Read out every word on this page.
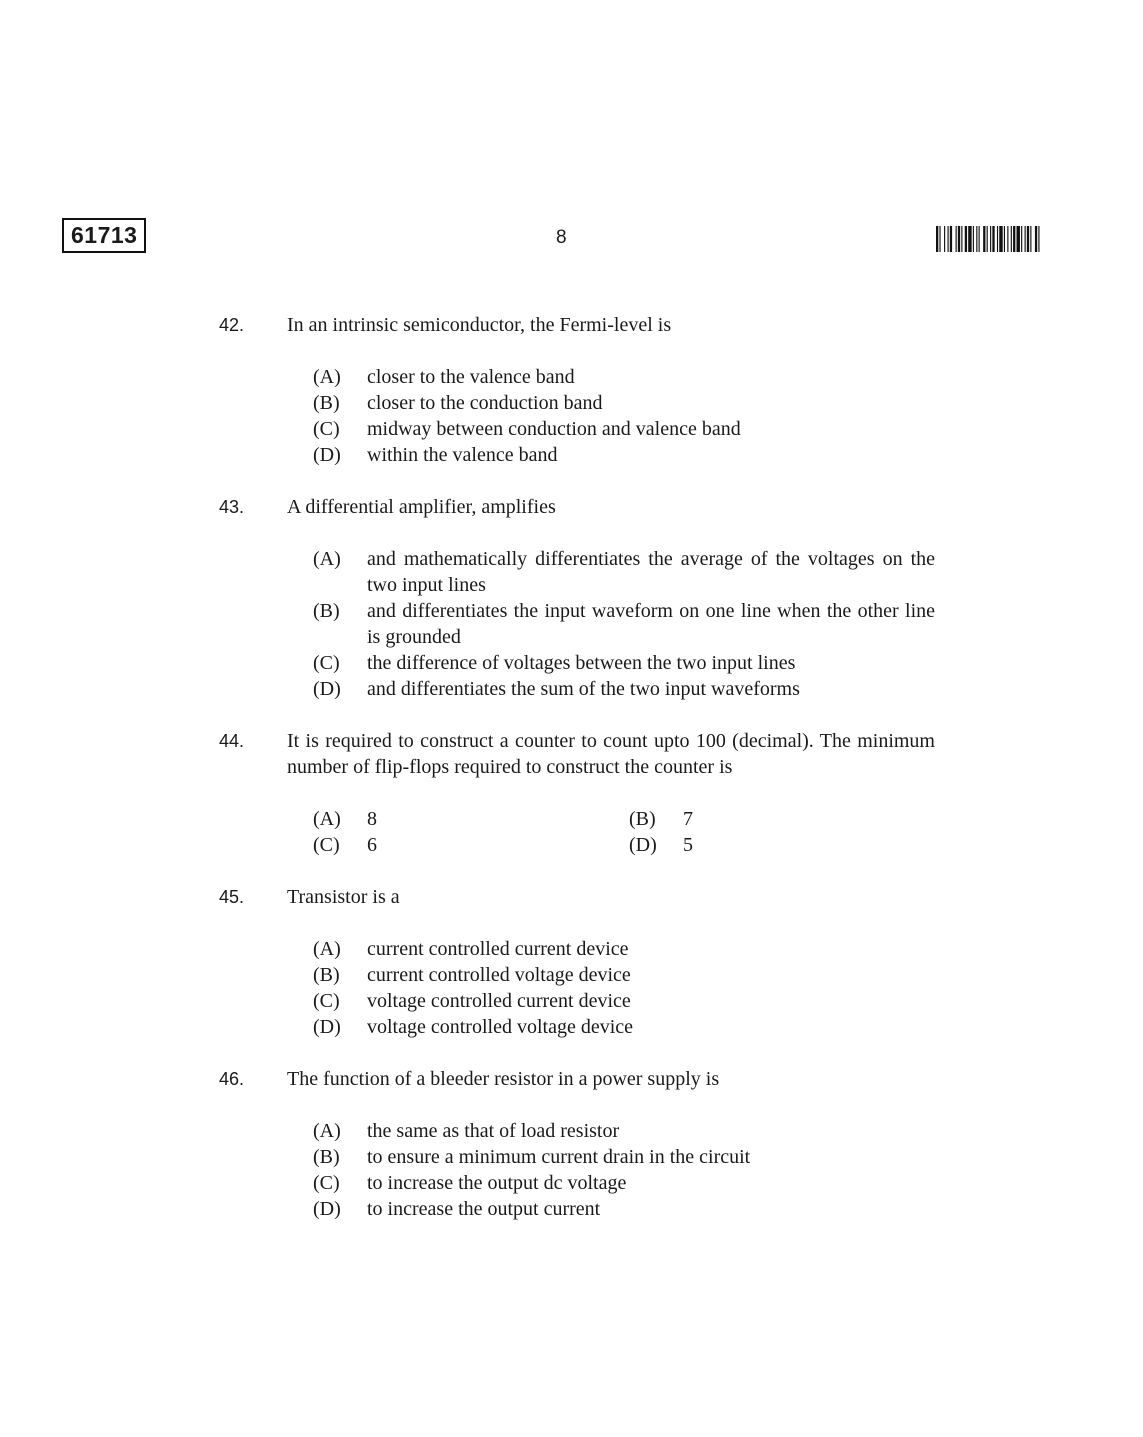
61713	8
42. In an intrinsic semiconductor, the Fermi-level is
(A) closer to the valence band
(B) closer to the conduction band
(C) midway between conduction and valence band
(D) within the valence band
43. A differential amplifier, amplifies
(A) and mathematically differentiates the average of the voltages on the two input lines
(B) and differentiates the input waveform on one line when the other line is grounded
(C) the difference of voltages between the two input lines
(D) and differentiates the sum of the two input waveforms
44. It is required to construct a counter to count upto 100 (decimal). The minimum number of flip-flops required to construct the counter is
(A) 8	(B) 7
(C) 6	(D) 5
45. Transistor is a
(A) current controlled current device
(B) current controlled voltage device
(C) voltage controlled current device
(D) voltage controlled voltage device
46. The function of a bleeder resistor in a power supply is
(A) the same as that of load resistor
(B) to ensure a minimum current drain in the circuit
(C) to increase the output dc voltage
(D) to increase the output current
